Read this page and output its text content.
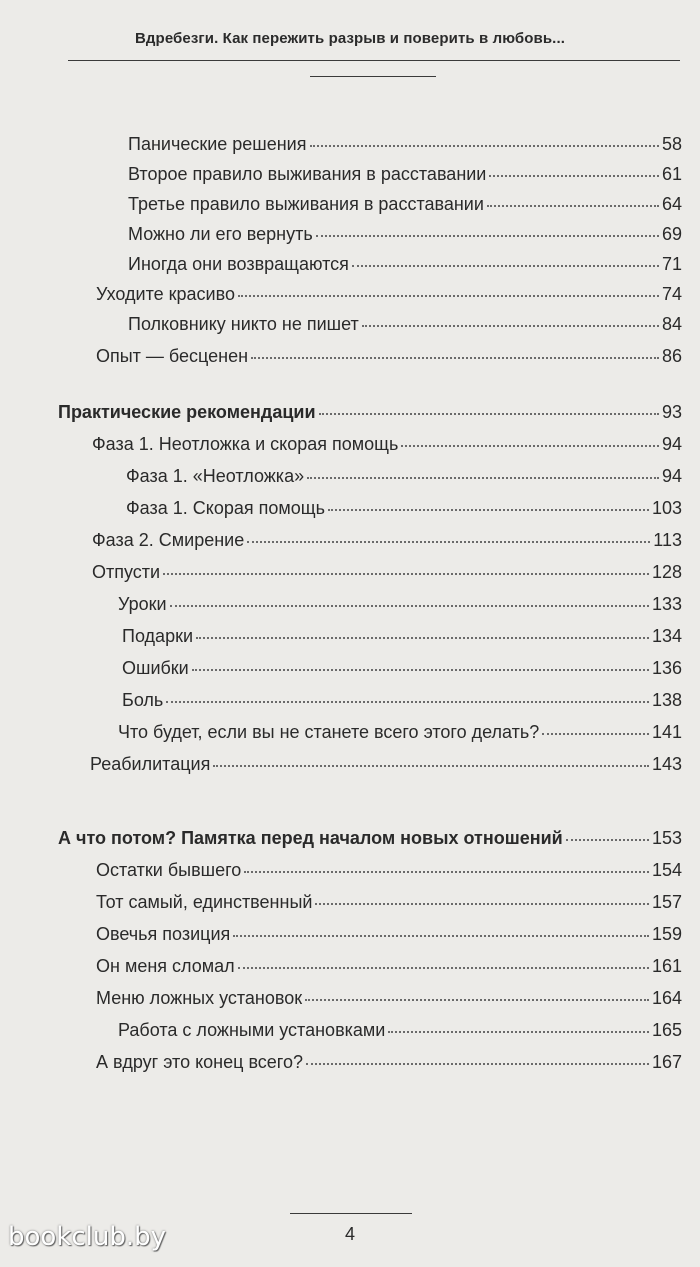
Вдребезги. Как пережить разрыв и поверить в любовь...
Панические решения	58
Второе правило выживания в расставании	61
Третье правило выживания в расставании	64
Можно ли его вернуть	69
Иногда они возвращаются	71
Уходите красиво	74
Полковнику никто не пишет	84
Опыт — бесценен	86
Практические рекомендации	93
Фаза 1. Неотложка и скорая помощь	94
Фаза 1. «Неотложка»	94
Фаза 1. Скорая помощь	103
Фаза 2. Смирение	113
Отпусти	128
Уроки	133
Подарки	134
Ошибки	136
Боль	138
Что будет, если вы не станете всего этого делать?	141
Реабилитация	143
А что потом? Памятка перед началом новых отношений	153
Остатки бывшего	154
Тот самый, единственный	157
Овечья позиция	159
Он меня сломал	161
Меню ложных установок	164
Работа с ложными установками	165
А вдруг это конец всего?	167
4
bookclub.by
